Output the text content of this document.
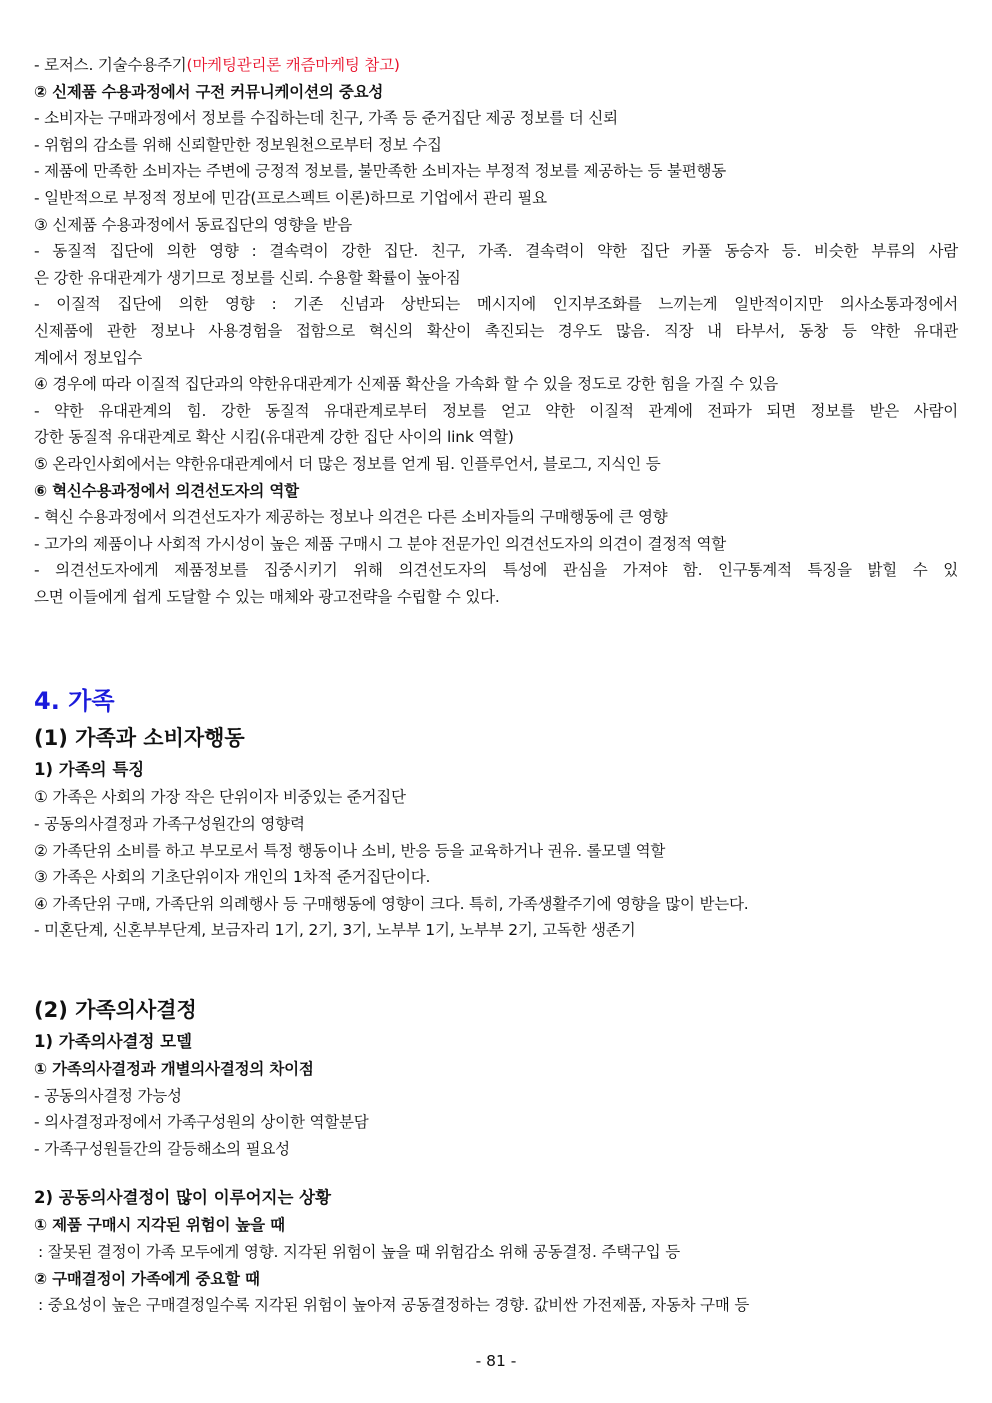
- 로저스. 기술수용주기(마케팅관리론 캐즘마케팅 참고)
② 신제품 수용과정에서 구전 커뮤니케이션의 중요성
- 소비자는 구매과정에서 정보를 수집하는데 친구, 가족 등 준거집단 제공 정보를 더 신뢰
- 위험의 감소를 위해 신뢰할만한 정보원천으로부터 정보 수집
- 제품에 만족한 소비자는 주변에 긍정적 정보를, 불만족한 소비자는 부정적 정보를 제공하는 등 불편행동
- 일반적으로 부정적 정보에 민감(프로스펙트 이론)하므로 기업에서 관리 필요
③ 신제품 수용과정에서 동료집단의 영향을 받음
- 동질적 집단에 의한 영향 : 결속력이 강한 집단. 친구, 가족. 결속력이 약한 집단 카풀 동승자 등. 비슷한 부류의 사람
은 강한 유대관계가 생기므로 정보를 신뢰. 수용할 확률이 높아짐
- 이질적 집단에 의한 영향 : 기존 신념과 상반되는 메시지에 인지부조화를 느끼는게 일반적이지만 의사소통과정에서
신제품에 관한 정보나 사용경험을 접함으로 혁신의 확산이 촉진되는 경우도 많음. 직장 내 타부서, 동창 등 약한 유대관
계에서 정보입수
④ 경우에 따라 이질적 집단과의 약한유대관계가 신제품 확산을 가속화 할 수 있을 정도로 강한 힘을 가질 수 있음
- 약한 유대관계의 힘. 강한 동질적 유대관계로부터 정보를 얻고 약한 이질적 관계에 전파가 되면 정보를 받은 사람이
강한 동질적 유대관계로 확산 시킴(유대관계 강한 집단 사이의 link 역할)
⑤ 온라인사회에서는 약한유대관계에서 더 많은 정보를 얻게 됨. 인플루언서, 블로그, 지식인 등
⑥ 혁신수용과정에서 의견선도자의 역할
- 혁신 수용과정에서 의견선도자가 제공하는 정보나 의견은 다른 소비자들의 구매행동에 큰 영향
- 고가의 제품이나 사회적 가시성이 높은 제품 구매시 그 분야 전문가인 의견선도자의 의견이 결정적 역할
- 의견선도자에게 제품정보를 집중시키기 위해 의견선도자의 특성에 관심을 가져야 함. 인구통계적 특징을 밝힐 수 있
으면 이들에게 쉽게 도달할 수 있는 매체와 광고전략을 수립할 수 있다.
4. 가족
(1) 가족과 소비자행동
1) 가족의 특징
① 가족은 사회의 가장 작은 단위이자 비중있는 준거집단
- 공동의사결정과 가족구성원간의 영향력
② 가족단위 소비를 하고 부모로서 특정 행동이나 소비, 반응 등을 교육하거나 권유. 롤모델 역할
③ 가족은 사회의 기초단위이자 개인의 1차적 준거집단이다.
④ 가족단위 구매, 가족단위 의례행사 등 구매행동에 영향이 크다. 특히, 가족생활주기에 영향을 많이 받는다.
- 미혼단계, 신혼부부단계, 보금자리 1기, 2기, 3기, 노부부 1기, 노부부 2기, 고독한 생존기
(2) 가족의사결정
1) 가족의사결정 모델
① 가족의사결정과 개별의사결정의 차이점
- 공동의사결정 가능성
- 의사결정과정에서 가족구성원의 상이한 역할분담
- 가족구성원들간의 갈등해소의 필요성
2) 공동의사결정이 많이 이루어지는 상황
① 제품 구매시 지각된 위험이 높을 때
: 잘못된 결정이 가족 모두에게 영향. 지각된 위험이 높을 때 위험감소 위해 공동결정. 주택구입 등
② 구매결정이 가족에게 중요할 때
: 중요성이 높은 구매결정일수록 지각된 위험이 높아져 공동결정하는 경향. 값비싼 가전제품, 자동차 구매 등
- 81 -
